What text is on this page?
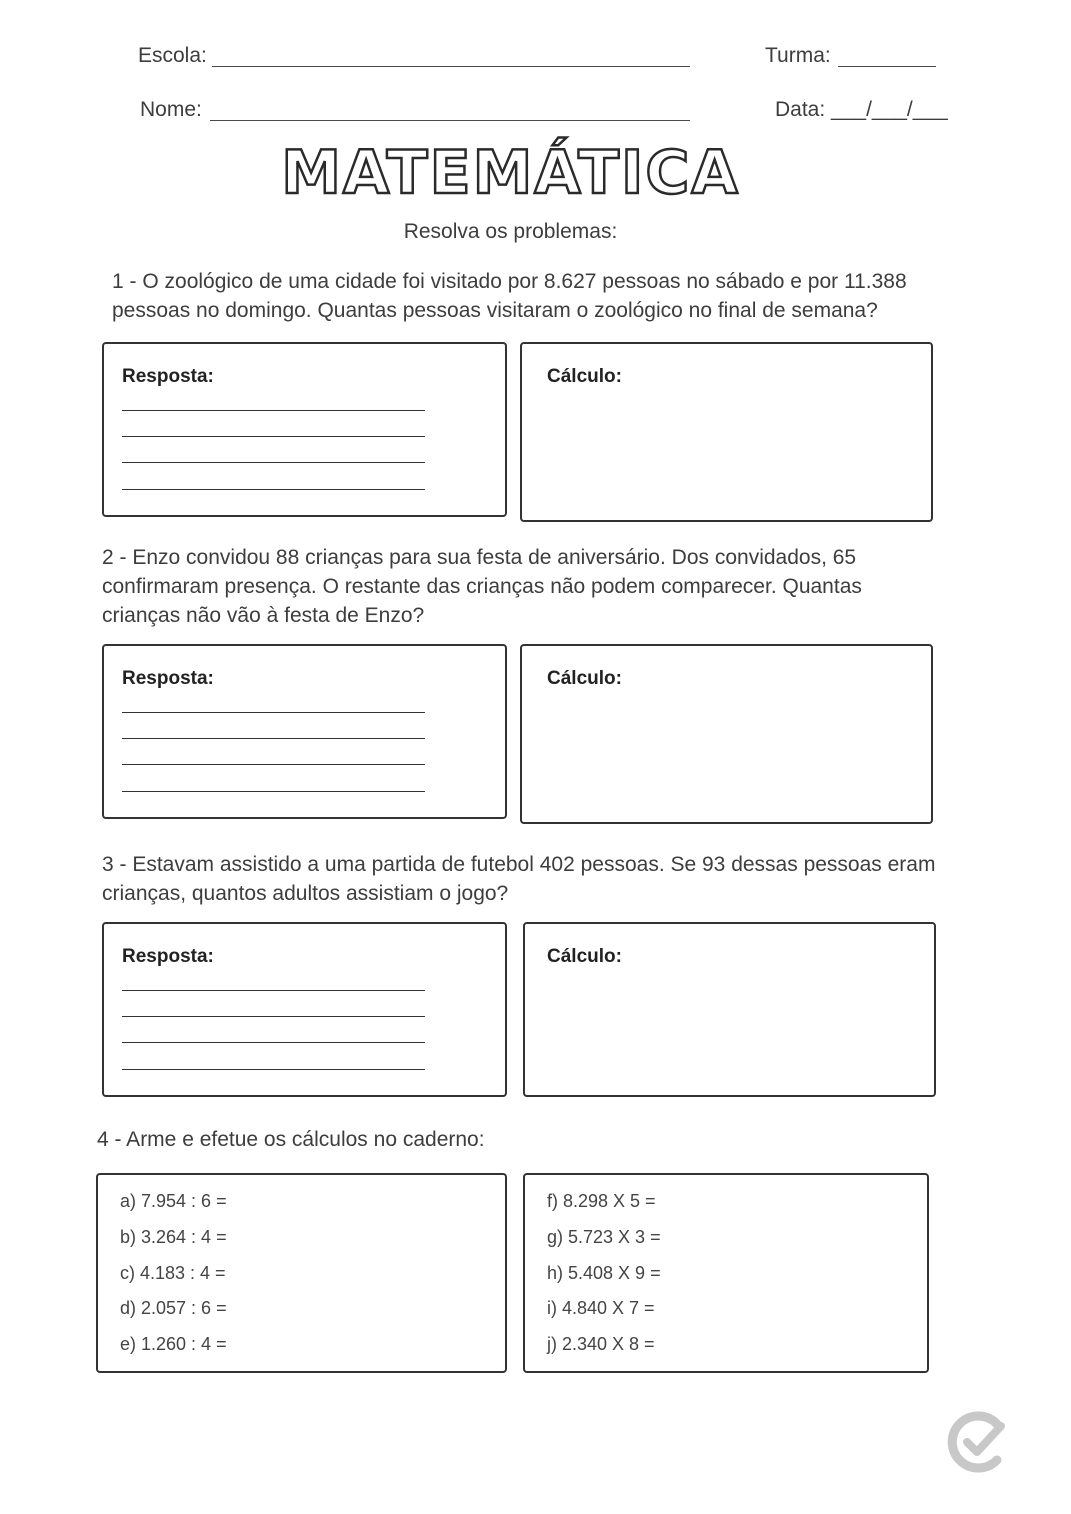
Escola:	Turma:
Nome:	Data: ___/___/___
MATEMÁTICA
Resolva os problemas:
1 - O zoológico de uma cidade foi visitado por 8.627 pessoas no sábado e por 11.388 pessoas no domingo. Quantas pessoas visitaram o zoológico no final de semana?
Resposta:	Cálculo:
2 - Enzo convidou 88 crianças para sua festa de aniversário. Dos convidados, 65 confirmaram presença. O restante das crianças não podem comparecer. Quantas crianças não vão à festa de Enzo?
Resposta:	Cálculo:
3 - Estavam assistido a uma partida de futebol 402 pessoas. Se 93 dessas pessoas eram crianças, quantos adultos assistiam o jogo?
Resposta:	Cálculo:
4 - Arme e efetue os cálculos no caderno:
a) 7.954 : 6 =
b) 3.264 : 4 =
c) 4.183 : 4 =
d) 2.057 : 6 =
e) 1.260 : 4 =
f) 8.298 X 5 =
g) 5.723 X 3 =
h) 5.408 X 9 =
i) 4.840 X 7 =
j) 2.340 X 8 =
